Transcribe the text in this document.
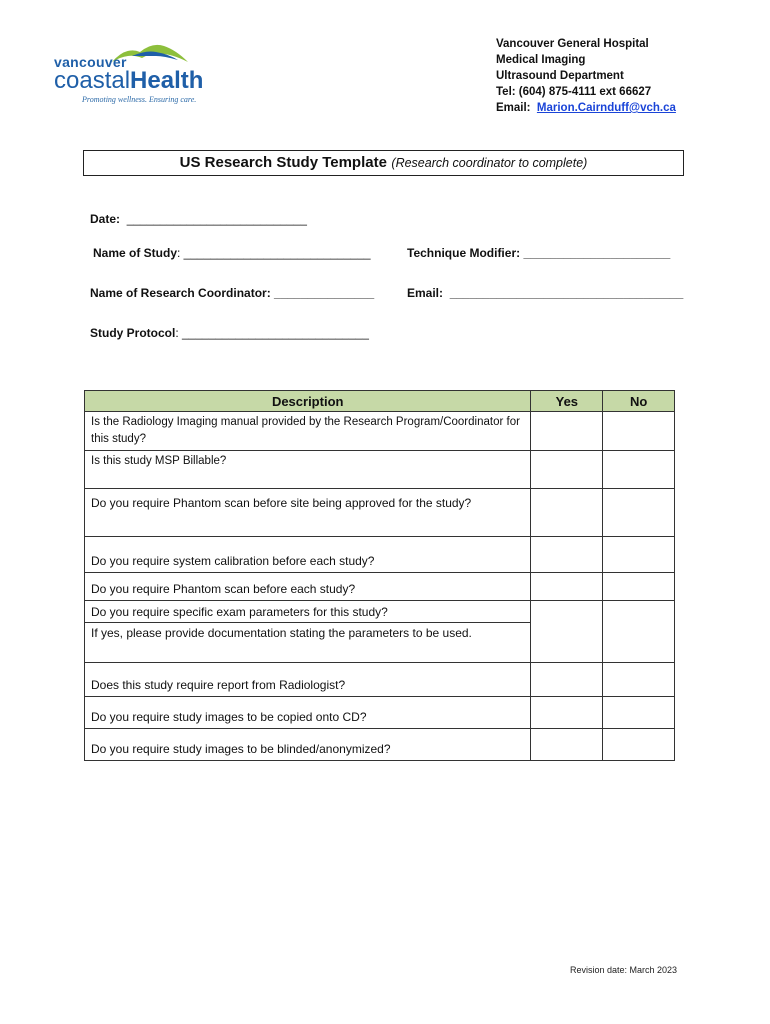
vancouver
coastalHealth
Promoting wellness. Ensuring care.
Vancouver General Hospital
Medical Imaging
Ultrasound Department
Tel: (604) 875-4111 ext 66627
Email: Marion.Cairnduff@vch.ca
US Research Study Template (Research coordinator to complete)
Date: ___________________________
Name of Study: ____________________________	Technique Modifier: ______________________
Name of Research Coordinator: _______________	Email: ___________________________________
Study Protocol: ____________________________
Description	Yes	No
Is the Radiology Imaging manual provided by the Research Program/Coordinator for this study?		
Is this study MSP Billable?		
Do you require Phantom scan before site being approved for the study?		
Do you require system calibration before each study?		
Do you require Phantom scan before each study?		
Do you require specific exam parameters for this study?		
If yes, please provide documentation stating the parameters to be used.		
Does this study require report from Radiologist?		
Do you require study images to be copied onto CD?		
Do you require study images to be blinded/anonymized?		
Revision date: March 2023
